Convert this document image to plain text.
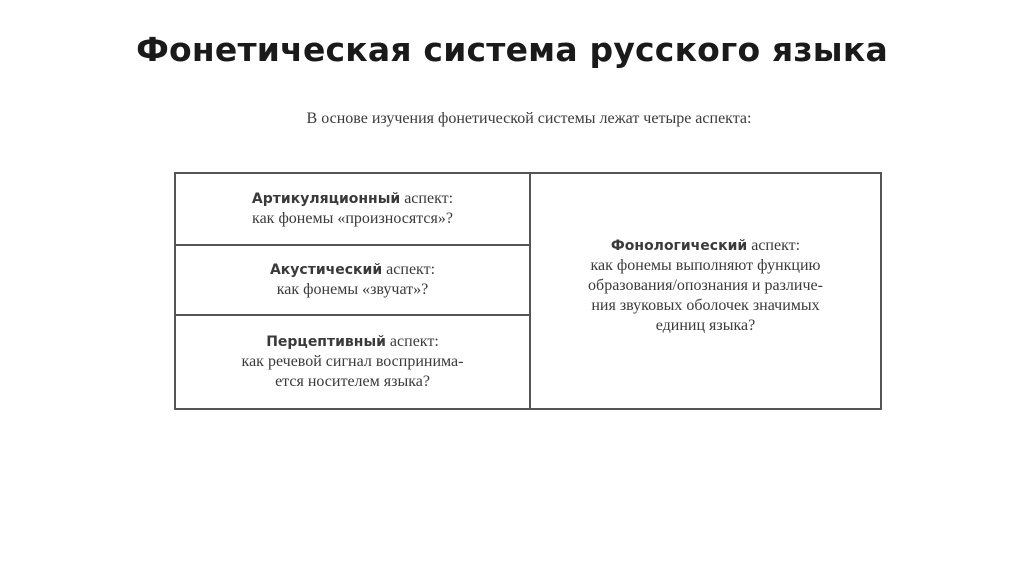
Фонетическая система русского языка
В основе изучения фонетической системы лежат четыре аспекта:
Артикуляционный аспект:
как фонемы «произносятся»?
Акустический аспект:
как фонемы «звучат»?
Перцептивный аспект:
как речевой сигнал воспринима-
ется носителем языка?
Фонологический аспект:
как фонемы выполняют функцию
образования/опознания и различе-
ния звуковых оболочек значимых
единиц языка?
